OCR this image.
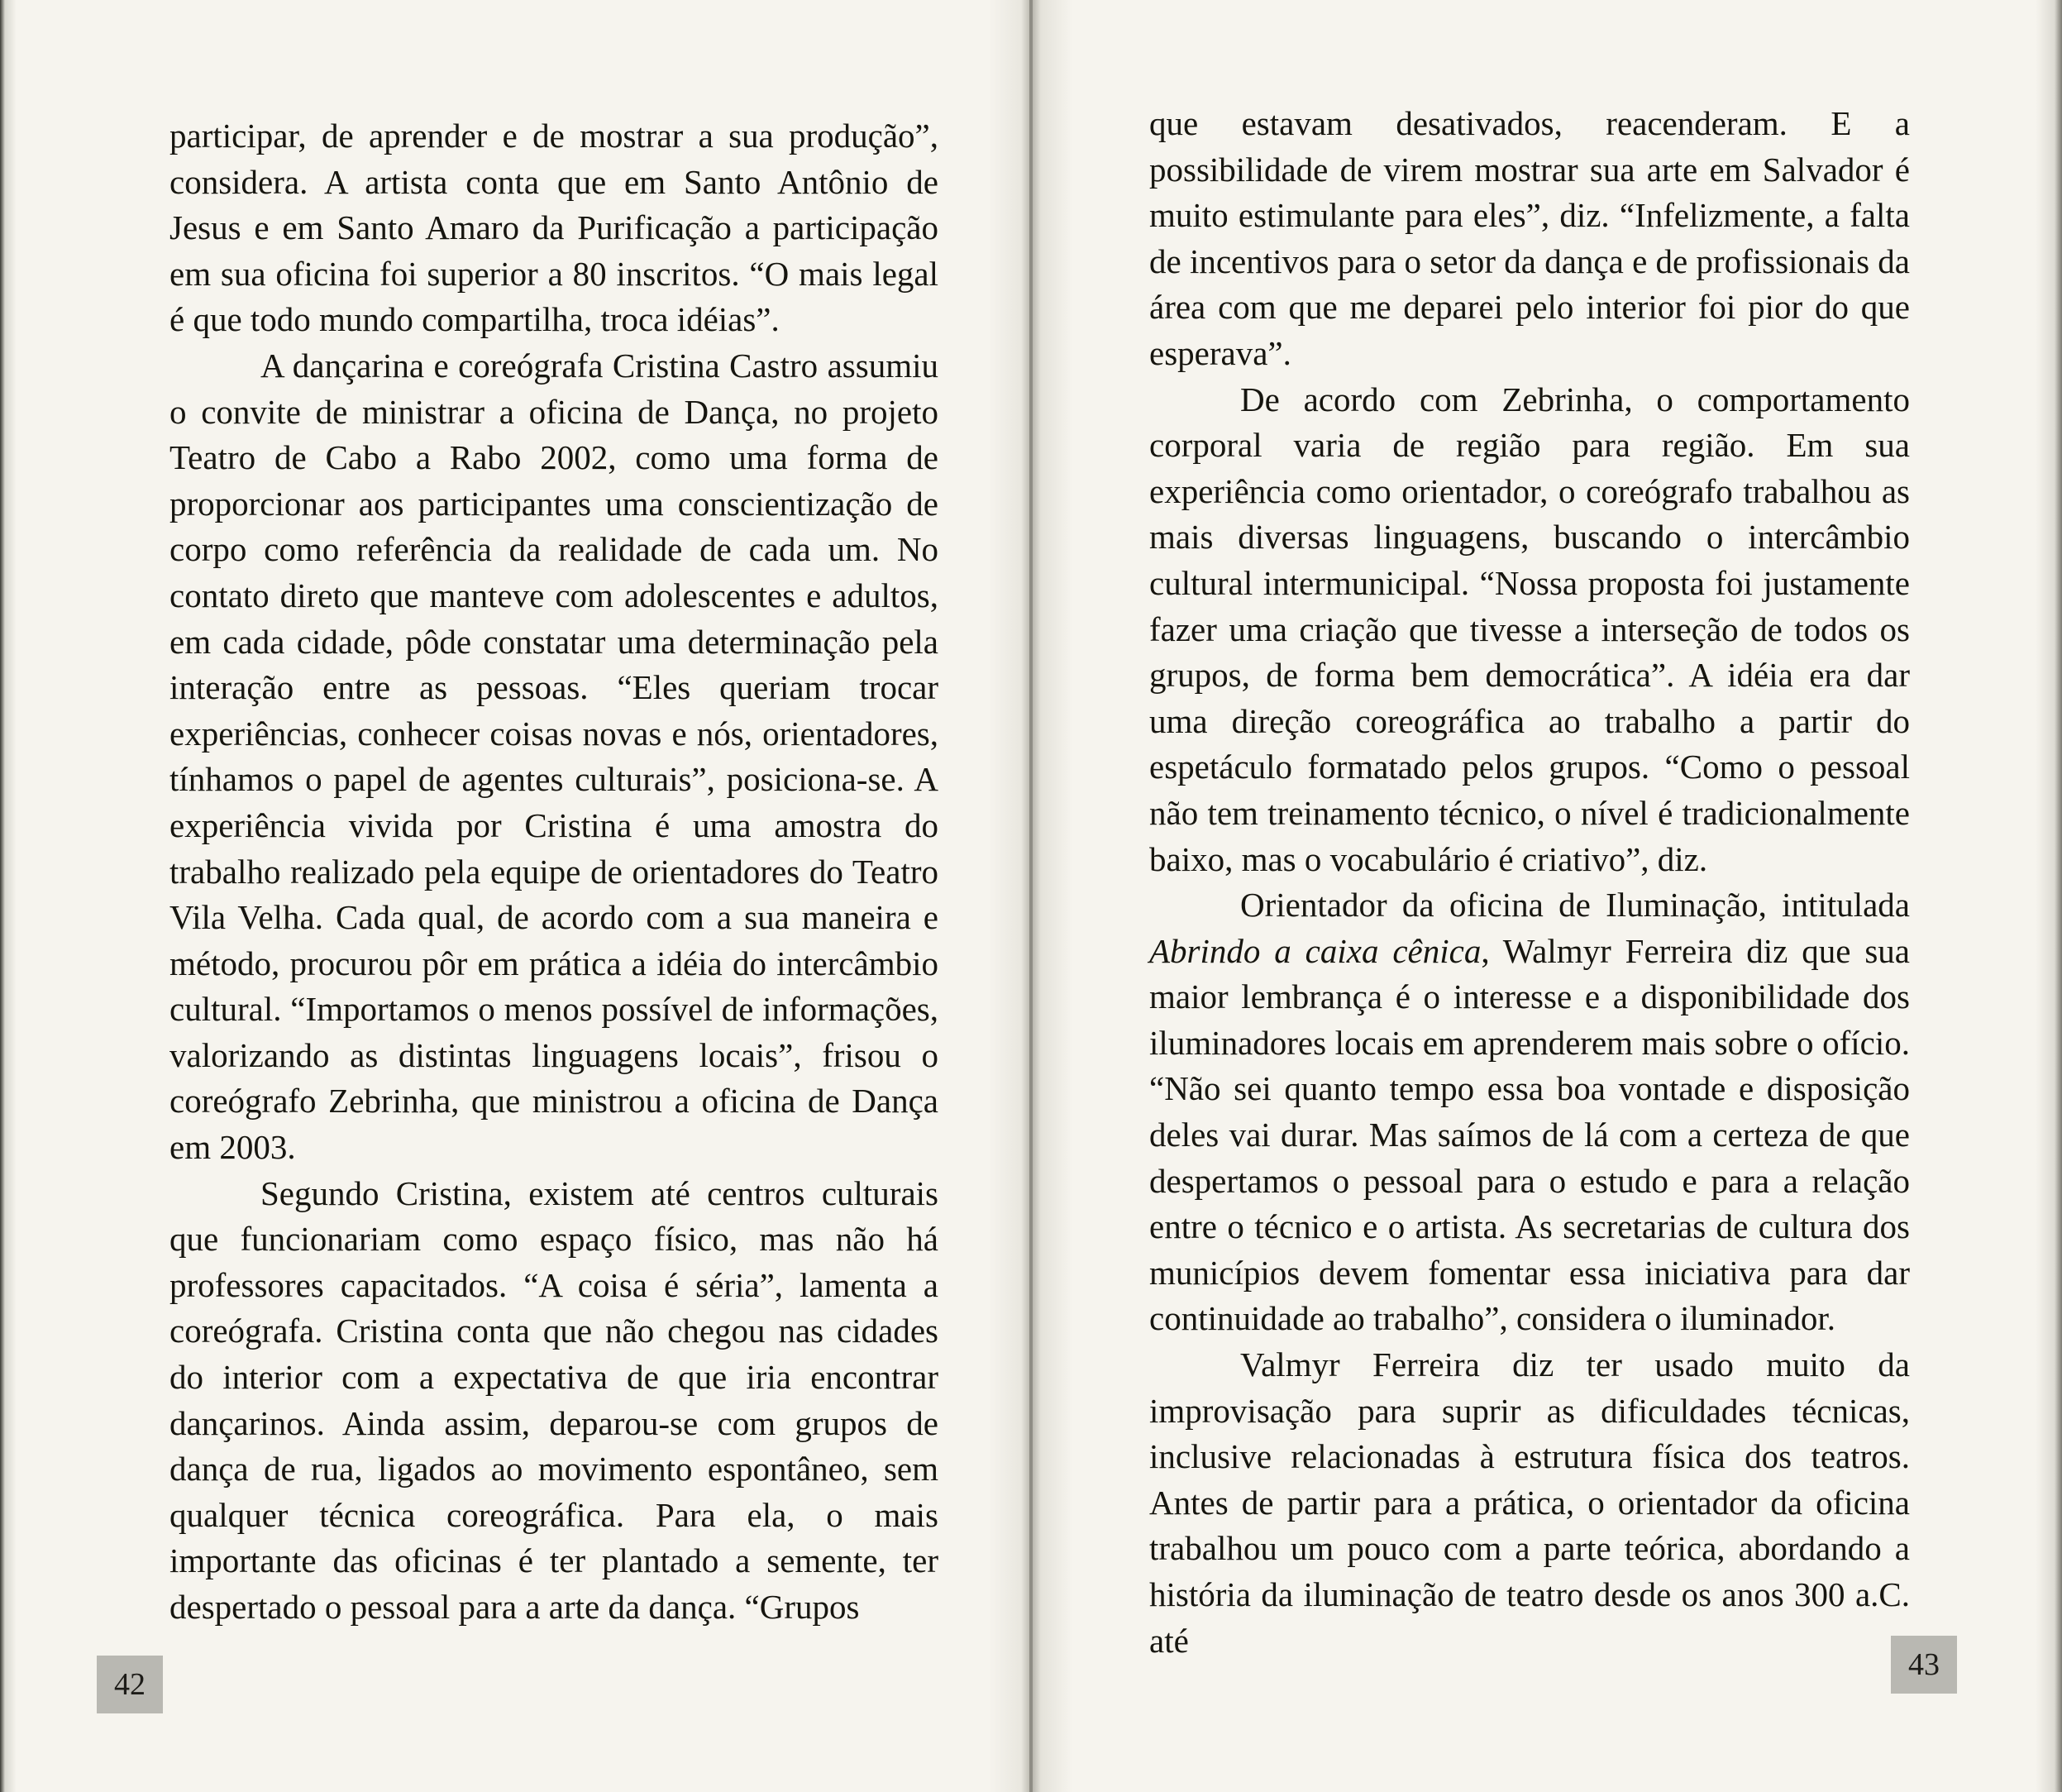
participar, de aprender e de mostrar a sua produção”, considera. A artista conta que em Santo Antônio de Jesus e em Santo Amaro da Purificação a participação em sua oficina foi superior a 80 inscritos. “O mais legal é que todo mundo compartilha, troca idéias”.

A dançarina e coreógrafa Cristina Castro assumiu o convite de ministrar a oficina de Dança, no projeto Teatro de Cabo a Rabo 2002, como uma forma de proporcionar aos participantes uma conscientização de corpo como referência da realidade de cada um. No contato direto que manteve com adolescentes e adultos, em cada cidade, pôde constatar uma determinação pela interação entre as pessoas. “Eles queriam trocar experiências, conhecer coisas novas e nós, orientadores, tínhamos o papel de agentes culturais”, posiciona-se. A experiência vivida por Cristina é uma amostra do trabalho realizado pela equipe de orientadores do Teatro Vila Velha. Cada qual, de acordo com a sua maneira e método, procurou pôr em prática a idéia do intercâmbio cultural. “Importamos o menos possível de informações, valorizando as distintas linguagens locais”, frisou o coreógrafo Zebrinha, que ministrou a oficina de Dança em 2003.

Segundo Cristina, existem até centros culturais que funcionariam como espaço físico, mas não há professores capacitados. “A coisa é séria”, lamenta a coreógrafa. Cristina conta que não chegou nas cidades do interior com a expectativa de que iria encontrar dançarinos. Ainda assim, deparou-se com grupos de dança de rua, ligados ao movimento espontâneo, sem qualquer técnica coreográfica. Para ela, o mais importante das oficinas é ter plantado a semente, ter despertado o pessoal para a arte da dança. “Grupos

42

que estavam desativados, reacenderam. E a possibilidade de virem mostrar sua arte em Salvador é muito estimulante para eles”, diz. “Infelizmente, a falta de incentivos para o setor da dança e de profissionais da área com que me deparei pelo interior foi pior do que esperava”.

De acordo com Zebrinha, o comportamento corporal varia de região para região. Em sua experiência como orientador, o coreógrafo trabalhou as mais diversas linguagens, buscando o intercâmbio cultural intermunicipal. “Nossa proposta foi justamente fazer uma criação que tivesse a interseção de todos os grupos, de forma bem democrática”. A idéia era dar uma direção coreográfica ao trabalho a partir do espetáculo formatado pelos grupos. “Como o pessoal não tem treinamento técnico, o nível é tradicionalmente baixo, mas o vocabulário é criativo”, diz.

Orientador da oficina de Iluminação, intitulada Abrindo a caixa cênica, Walmyr Ferreira diz que sua maior lembrança é o interesse e a disponibilidade dos iluminadores locais em aprenderem mais sobre o ofício. “Não sei quanto tempo essa boa vontade e disposição deles vai durar. Mas saímos de lá com a certeza de que despertamos o pessoal para o estudo e para a relação entre o técnico e o artista. As secretarias de cultura dos municípios devem fomentar essa iniciativa para dar continuidade ao trabalho”, considera o iluminador.

Valmyr Ferreira diz ter usado muito da improvisação para suprir as dificuldades técnicas, inclusive relacionadas à estrutura física dos teatros. Antes de partir para a prática, o orientador da oficina trabalhou um pouco com a parte teórica, abordando a história da iluminação de teatro desde os anos 300 a.C. até

43
